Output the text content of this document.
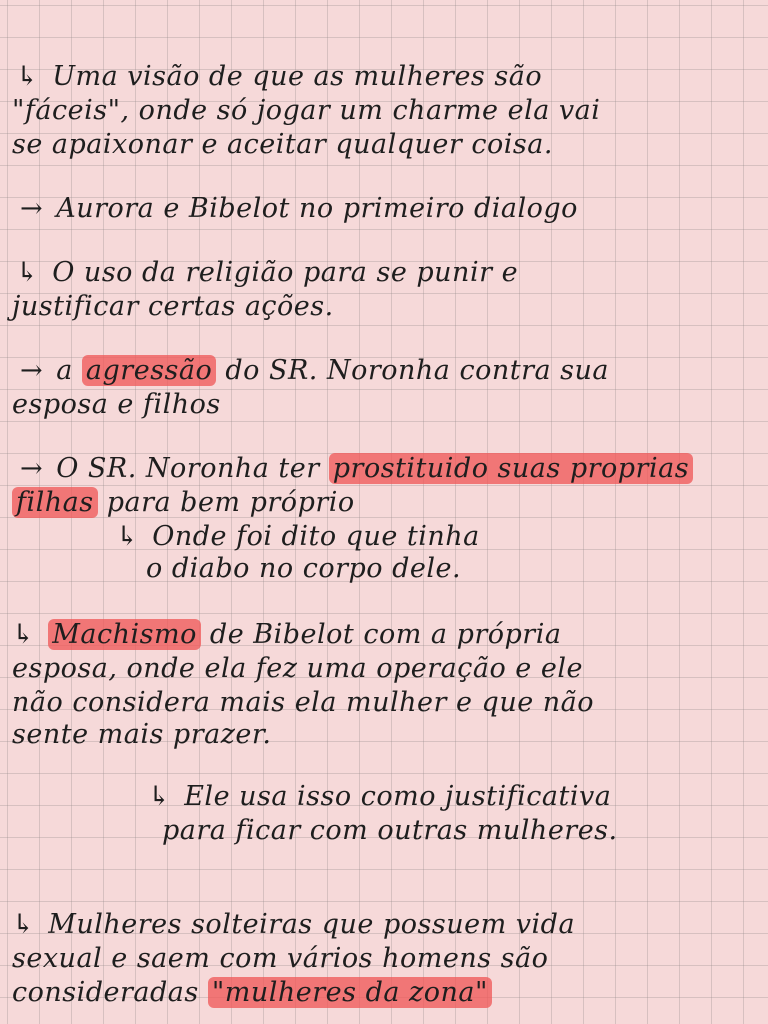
↳ Uma visão de que as mulheres são
"fáceis", onde só jogar um charme ela vai
se apaixonar e aceitar qualquer coisa.
→ Aurora e Bibelot no primeiro dialogo
↳ O uso da religião para se punir e
justificar certas ações.
→ a agressão do SR. Noronha contra sua
esposa e filhos
→ O SR. Noronha ter prostituido suas proprias
filhas para bem próprio
↳ Onde foi dito que tinha
o diabo no corpo dele.
↳ Machismo de Bibelot com a própria
esposa, onde ela fez uma operação e ele
não considera mais ela mulher e que não
sente mais prazer.
↳ Ele usa isso como justificativa
para ficar com outras mulheres.
↳ Mulheres solteiras que possuem vida
sexual e saem com vários homens são
consideradas "mulheres da zona"
